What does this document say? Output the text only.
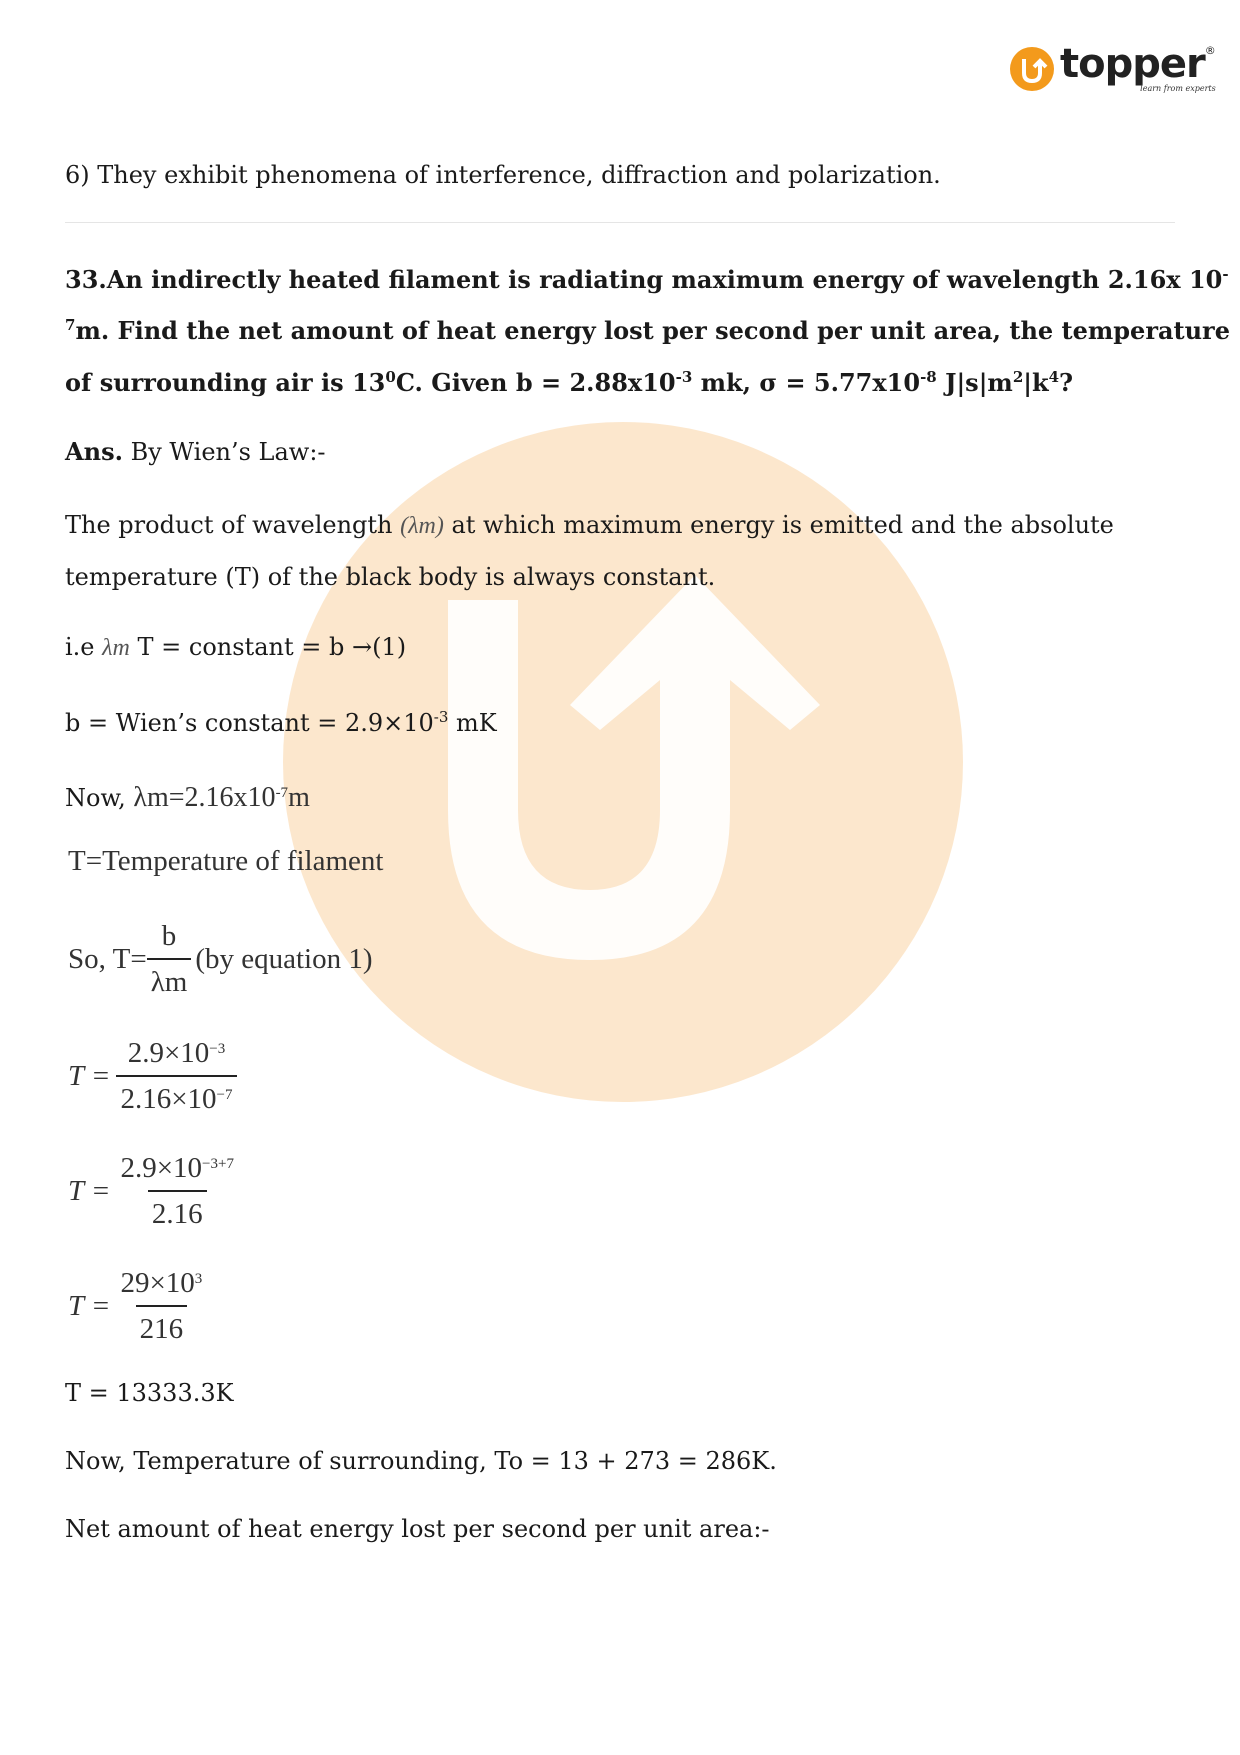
topper ®
learn from experts
6) They exhibit phenomena of interference, diffraction and polarization.
33.An indirectly heated filament is radiating maximum energy of wavelength 2.16x 10-
$^7$m. Find the net amount of heat energy lost per second per unit area, the temperature
of surrounding air is $13^0C$. Given $b = 2.88x10^{-3}$ mk, $\sigma = 5.77x10^{-8}$ $J|s|m^2|k^4$?
Ans. By Wien’s Law:-
The product of wavelength (λm) at which maximum energy is emitted and the absolute
temperature (T) of the black body is always constant.
i.e λm T = constant = b →(1)
b = Wien’s constant = $2.9\times 10^{-3}$ mK
Now, $\lambda m=2.16x10^{-7}m$
T=Temperature of filament
So, $T= \frac{b}{\lambda m} (by$ equation 1)
$T = \frac{2.9\times 10^{-3}}{2.16\times 10^{-7}}$
$T = \frac{2.9\times 10^{-3+7}}{2.16}$
$T = \frac{29\times 10^3}{216}$
T = 13333.3K
Now, Temperature of surrounding, To = 13 + 273 = 286K.
Net amount of heat energy lost per second per unit area:-
